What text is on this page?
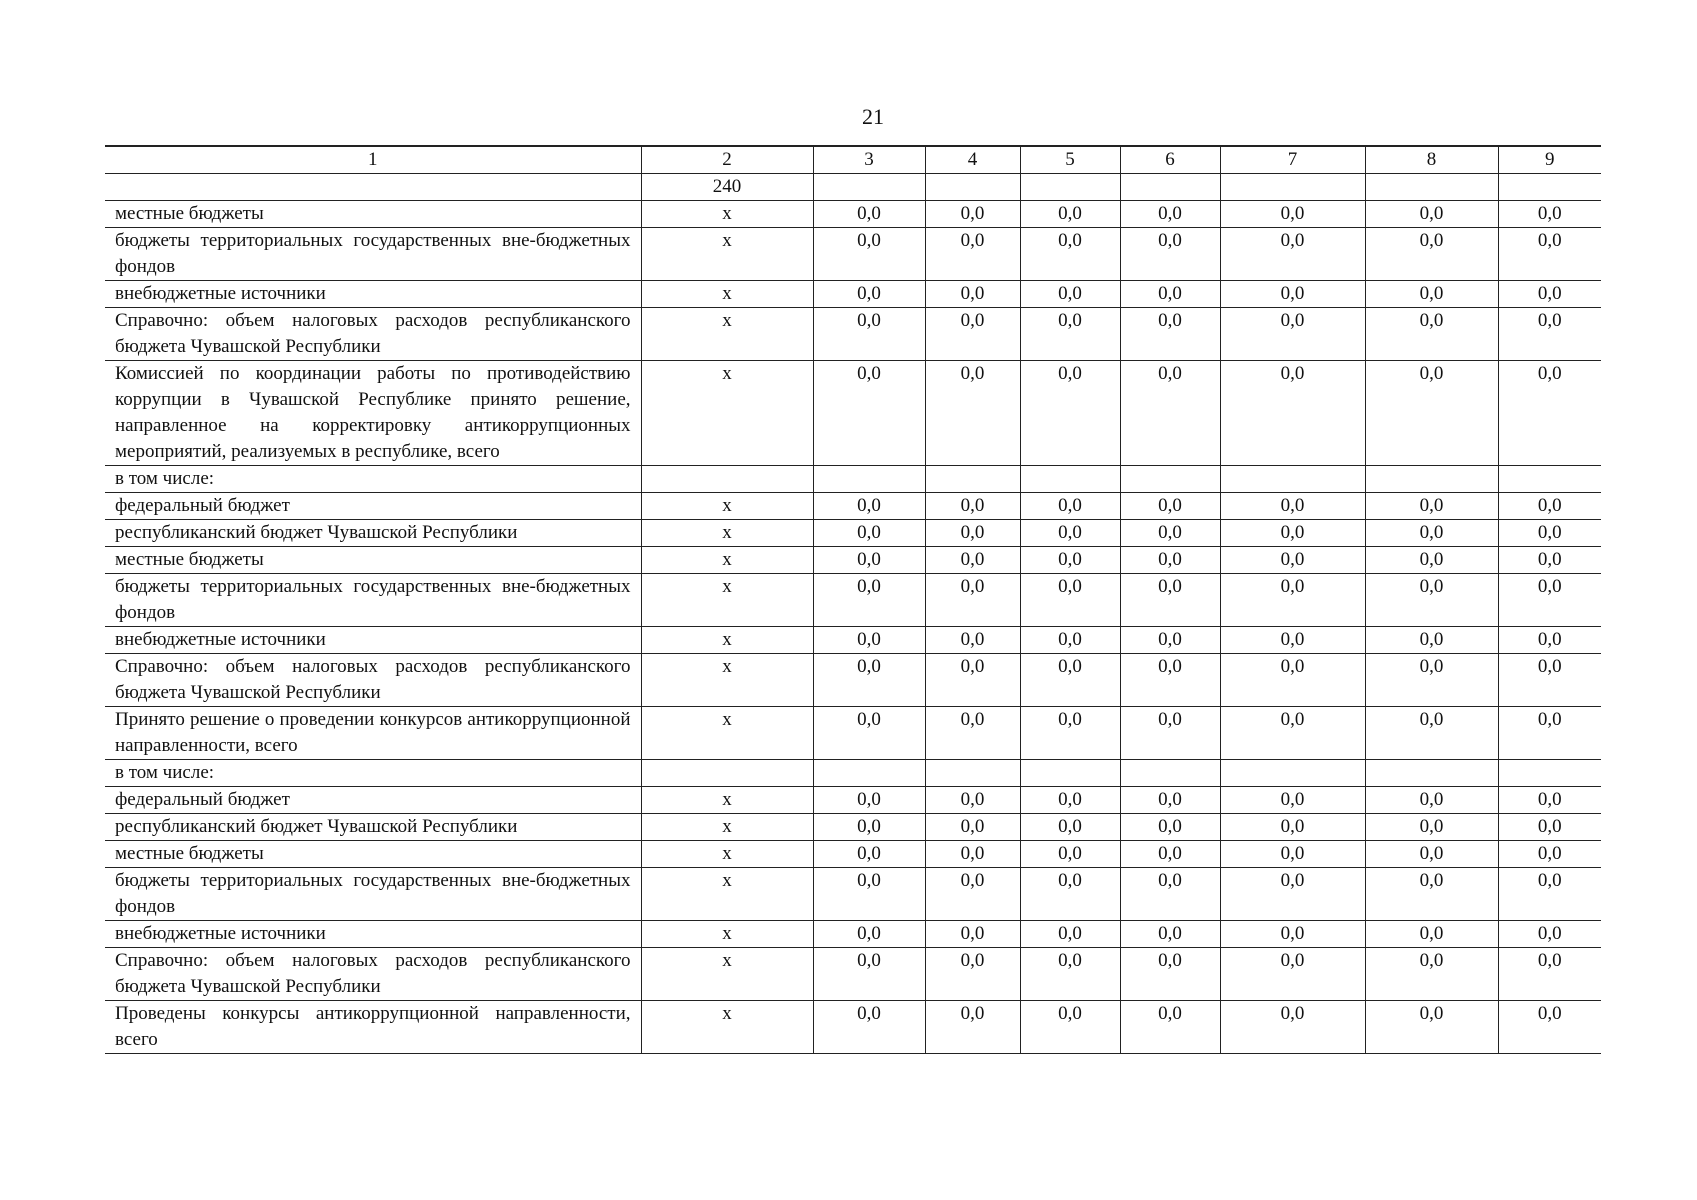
21
1	2	3	4	5	6	7	8	9
	240							
местные бюджеты	x	0,0	0,0	0,0	0,0	0,0	0,0	0,0
бюджеты территориальных государственных вне-бюджетных фондов	x	0,0	0,0	0,0	0,0	0,0	0,0	0,0
внебюджетные источники	x	0,0	0,0	0,0	0,0	0,0	0,0	0,0
Справочно: объем налоговых расходов республиканского бюджета Чувашской Республики	x	0,0	0,0	0,0	0,0	0,0	0,0	0,0
Комиссией по координации работы по противодействию коррупции в Чувашской Республике принято решение, направленное на корректировку антикоррупционных мероприятий, реализуемых в республике, всего	x	0,0	0,0	0,0	0,0	0,0	0,0	0,0
в том числе:								
федеральный бюджет	x	0,0	0,0	0,0	0,0	0,0	0,0	0,0
республиканский бюджет Чувашской Республики	x	0,0	0,0	0,0	0,0	0,0	0,0	0,0
местные бюджеты	x	0,0	0,0	0,0	0,0	0,0	0,0	0,0
бюджеты территориальных государственных вне-бюджетных фондов	x	0,0	0,0	0,0	0,0	0,0	0,0	0,0
внебюджетные источники	x	0,0	0,0	0,0	0,0	0,0	0,0	0,0
Справочно: объем налоговых расходов республиканского бюджета Чувашской Республики	x	0,0	0,0	0,0	0,0	0,0	0,0	0,0
Принято решение о проведении конкурсов антикоррупционной направленности, всего	x	0,0	0,0	0,0	0,0	0,0	0,0	0,0
в том числе:								
федеральный бюджет	x	0,0	0,0	0,0	0,0	0,0	0,0	0,0
республиканский бюджет Чувашской Республики	x	0,0	0,0	0,0	0,0	0,0	0,0	0,0
местные бюджеты	x	0,0	0,0	0,0	0,0	0,0	0,0	0,0
бюджеты территориальных государственных вне-бюджетных фондов	x	0,0	0,0	0,0	0,0	0,0	0,0	0,0
внебюджетные источники	x	0,0	0,0	0,0	0,0	0,0	0,0	0,0
Справочно: объем налоговых расходов республиканского бюджета Чувашской Республики	x	0,0	0,0	0,0	0,0	0,0	0,0	0,0
Проведены конкурсы антикоррупционной направленности, всего	x	0,0	0,0	0,0	0,0	0,0	0,0	0,0
